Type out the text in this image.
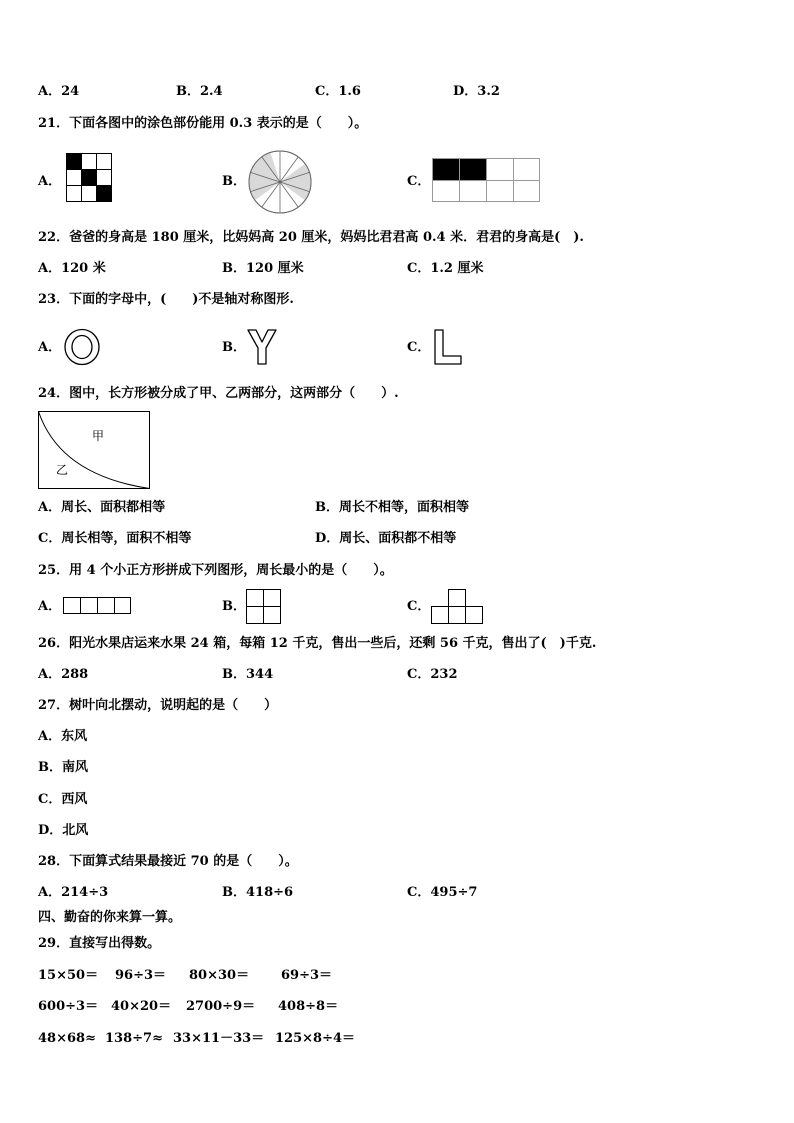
A．24	B．2.4	C．1.6	D．3.2
21．下面各图中的涂色部份能用 0.3 表示的是（　　）。
A．	B．	C．
22．爸爸的身高是 180 厘米，比妈妈高 20 厘米，妈妈比君君高 0.4 米．君君的身高是(　).
A．120 米	B．120 厘米	C．1.2 厘米
23．下面的字母中，(　　)不是轴对称图形.
A．	B．	C．
24．图中，长方形被分成了甲、乙两部分，这两部分（　　）.
甲
乙
A．周长、面积都相等	B．周长不相等，面积相等
C．周长相等，面积不相等	D．周长、面积都不相等
25．用 4 个小正方形拼成下列图形，周长最小的是（　　）。
A．	B．	C．
26．阳光水果店运来水果 24 箱，每箱 12 千克，售出一些后，还剩 56 千克，售出了(　)千克.
A．288	B．344	C．232
27．树叶向北摆动，说明起的是（　　）
A．东风
B．南风
C．西风
D．北风
28．下面算式结果最接近 70 的是（　　）。
A．214÷3	B．418÷6	C．495÷7
四、勤奋的你来算一算。
29．直接写出得数。
15×50＝ 96÷3＝ 80×30＝ 69÷3＝
600÷3＝ 40×20＝ 2700÷9＝ 408÷8＝
48×68≈ 138÷7≈ 33×11－33＝ 125×8÷4＝
